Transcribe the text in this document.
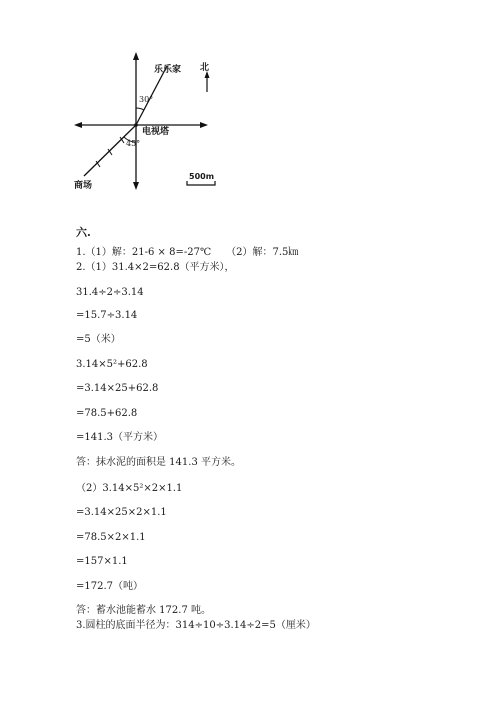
乐乐家
30°
电视塔
45°
商场
北
500m
六.
1.（1）解：21-6 × 8=-27℃　　（2）解：7.5㎞
2.（1）31.4×2=62.8（平方米），
31.4÷2÷3.14
=15.7÷3.14
=5（米）
3.14×5²+62.8
=3.14×25+62.8
=78.5+62.8
=141.3（平方米）
答：抹水泥的面积是 141.3 平方米。
（2）3.14×5²×2×1.1
=3.14×25×2×1.1
=78.5×2×1.1
=157×1.1
=172.7（吨）
答：蓄水池能蓄水 172.7 吨。
3.圆柱的底面半径为：314÷10÷3.14÷2=5（厘米）
